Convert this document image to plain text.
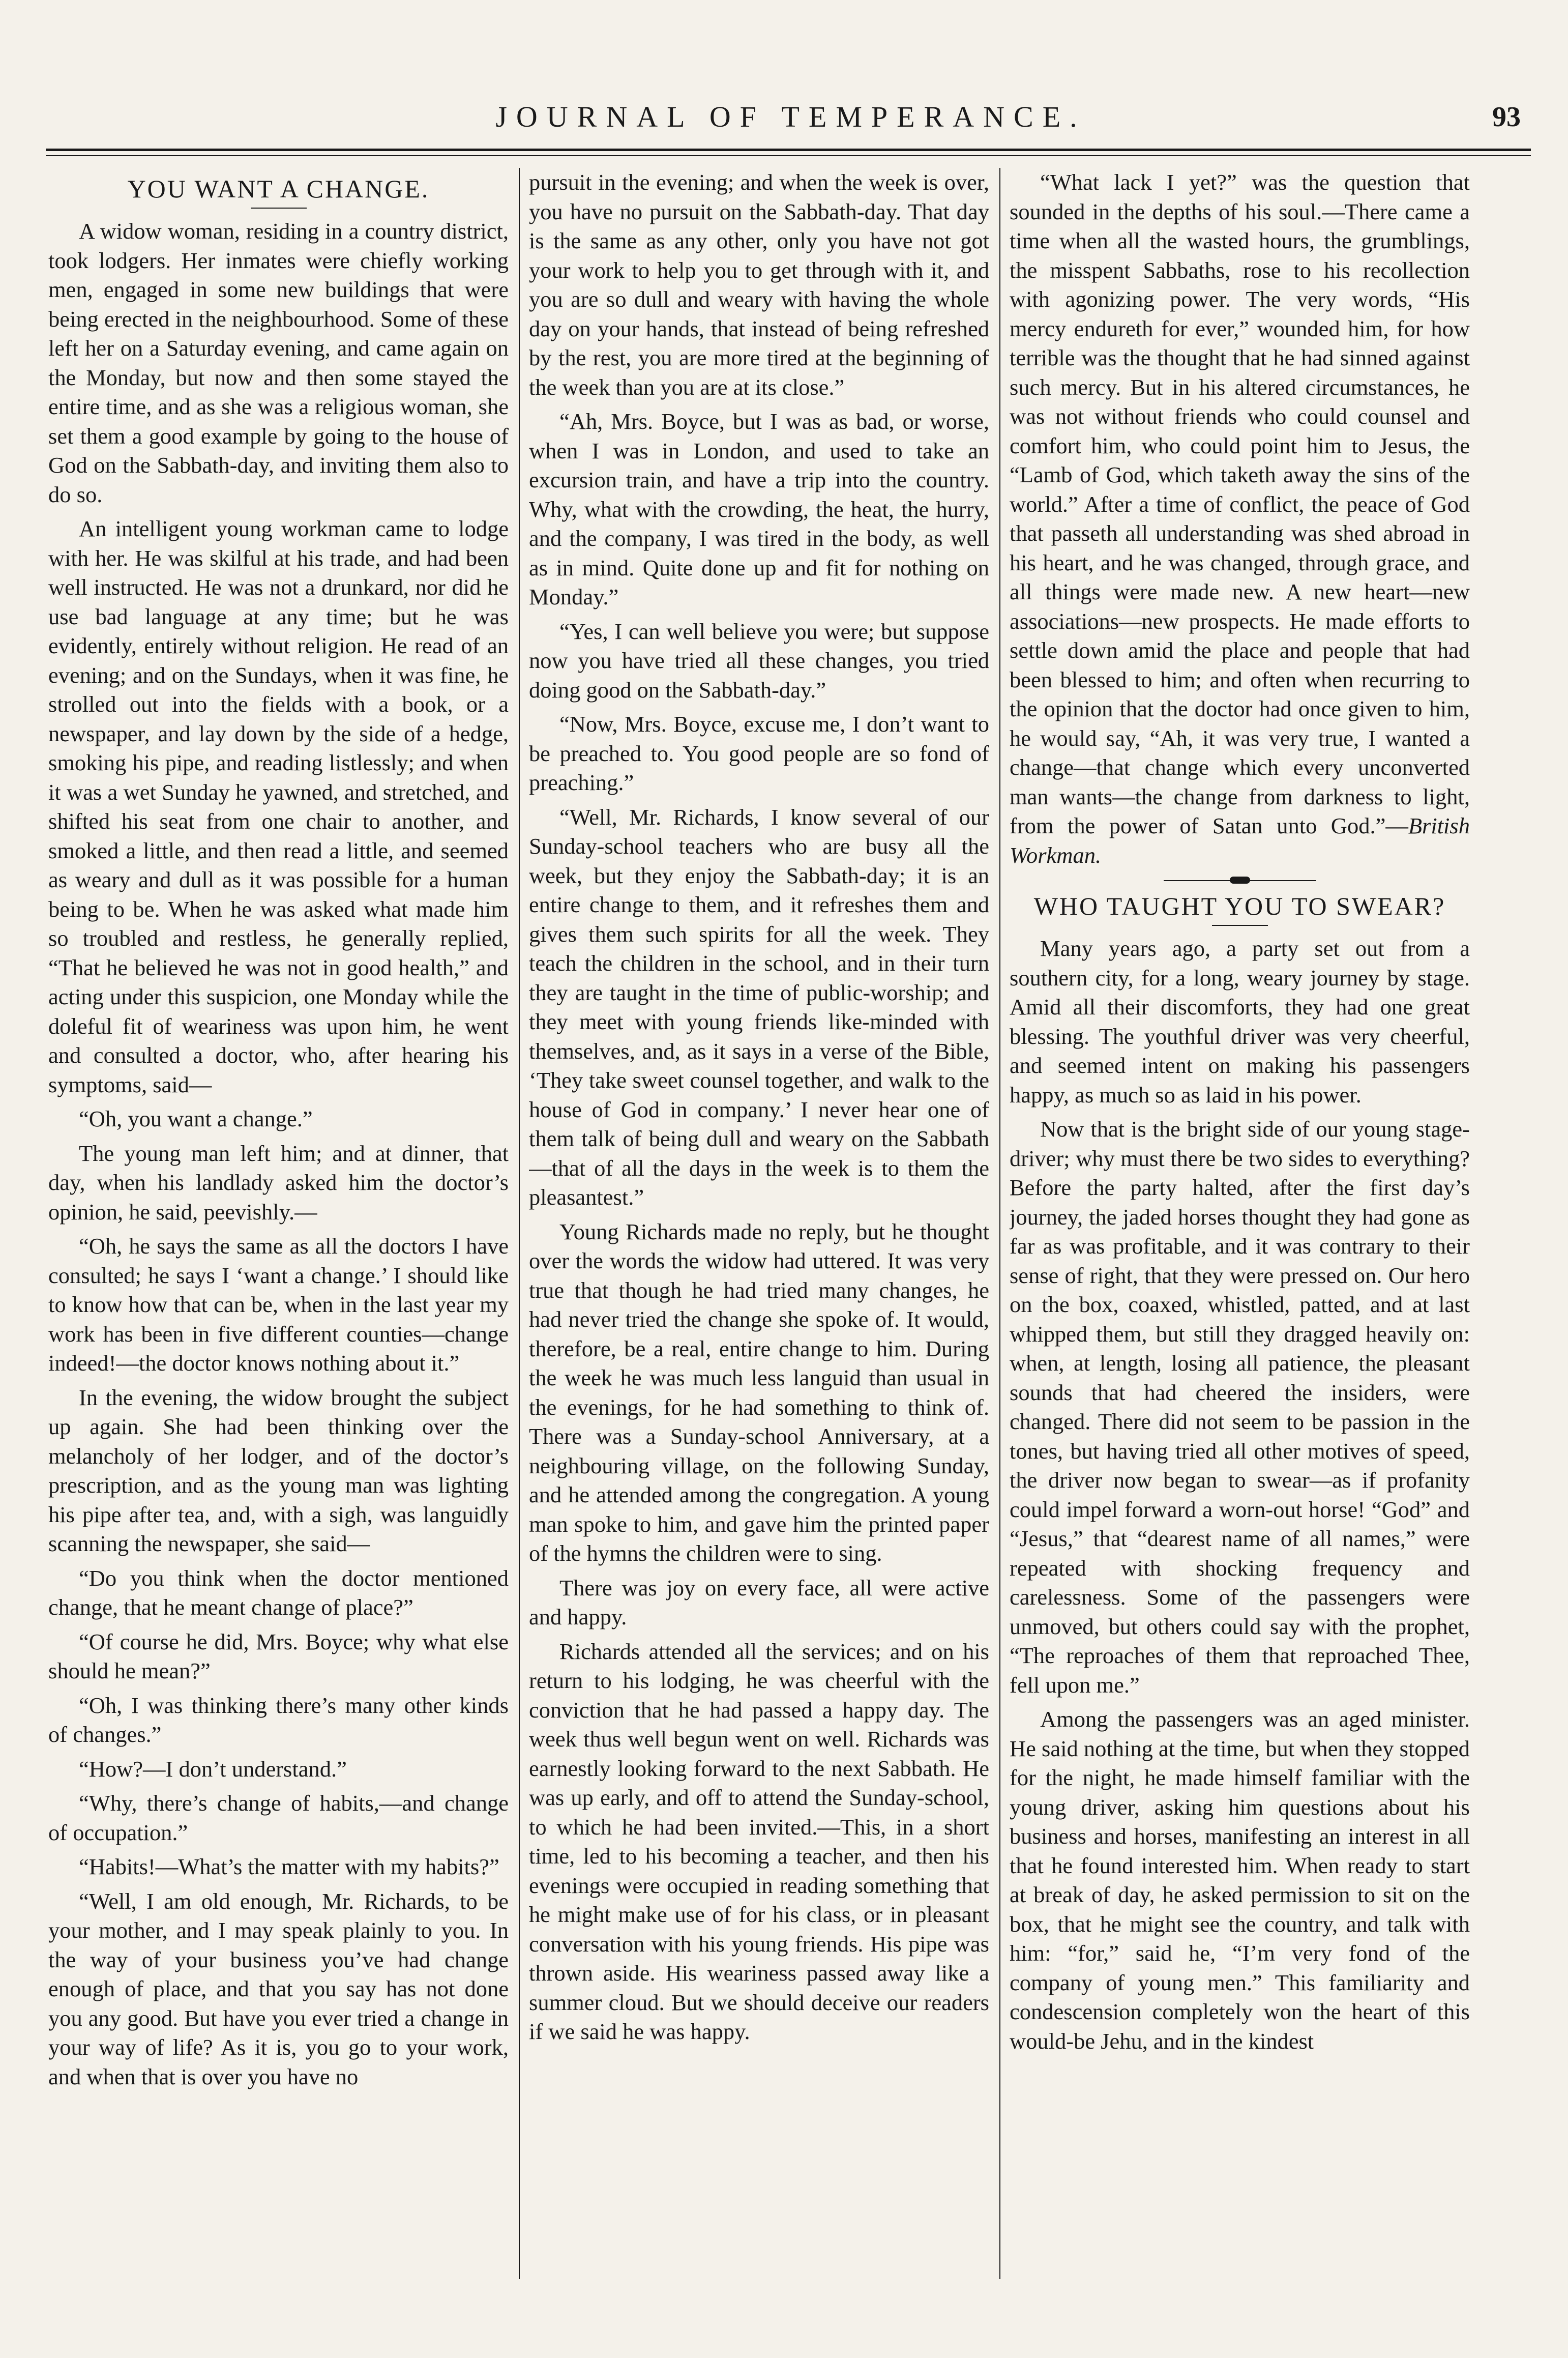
JOURNAL OF TEMPERANCE.	93
YOU WANT A CHANGE.

A widow woman, residing in a country district, took lodgers. Her inmates were chiefly working men, engaged in some new buildings that were being erected in the neighbourhood. Some of these left her on a Saturday evening, and came again on the Monday, but now and then some stayed the entire time, and as she was a religious woman, she set them a good example by going to the house of God on the Sabbath-day, and inviting them also to do so.

An intelligent young workman came to lodge with her. He was skilful at his trade, and had been well instructed. He was not a drunkard, nor did he use bad language at any time; but he was evidently, entirely without religion. He read of an evening; and on the Sundays, when it was fine, he strolled out into the fields with a book, or a newspaper, and lay down by the side of a hedge, smoking his pipe, and reading listlessly; and when it was a wet Sunday he yawned, and stretched, and shifted his seat from one chair to another, and smoked a little, and then read a little, and seemed as weary and dull as it was possible for a human being to be. When he was asked what made him so troubled and restless, he generally replied, “That he believed he was not in good health,” and acting under this suspicion, one Monday while the doleful fit of weariness was upon him, he went and consulted a doctor, who, after hearing his symptoms, said—

“Oh, you want a change.”

The young man left him; and at dinner, that day, when his landlady asked him the doctor’s opinion, he said, peevishly.—

“Oh, he says the same as all the doctors I have consulted; he says I ‘want a change.’ I should like to know how that can be, when in the last year my work has been in five different counties—change indeed!—the doctor knows nothing about it.”

In the evening, the widow brought the subject up again. She had been thinking over the melancholy of her lodger, and of the doctor’s prescription, and as the young man was lighting his pipe after tea, and, with a sigh, was languidly scanning the newspaper, she said—

“Do you think when the doctor mentioned change, that he meant change of place?”

“Of course he did, Mrs. Boyce; why what else should he mean?”

“Oh, I was thinking there’s many other kinds of changes.”

“How?—I don’t understand.”

“Why, there’s change of habits,—and change of occupation.”

“Habits!—What’s the matter with my habits?”

“Well, I am old enough, Mr. Richards, to be your mother, and I may speak plainly to you. In the way of your business you’ve had change enough of place, and that you say has not done you any good. But have you ever tried a change in your way of life? As it is, you go to your work, and when that is over you have no

pursuit in the evening; and when the week is over, you have no pursuit on the Sabbath-day. That day is the same as any other, only you have not got your work to help you to get through with it, and you are so dull and weary with having the whole day on your hands, that instead of being refreshed by the rest, you are more tired at the beginning of the week than you are at its close.”

“Ah, Mrs. Boyce, but I was as bad, or worse, when I was in London, and used to take an excursion train, and have a trip into the country. Why, what with the crowding, the heat, the hurry, and the company, I was tired in the body, as well as in mind. Quite done up and fit for nothing on Monday.”

“Yes, I can well believe you were; but suppose now you have tried all these changes, you tried doing good on the Sabbath-day.”

“Now, Mrs. Boyce, excuse me, I don’t want to be preached to. You good people are so fond of preaching.”

“Well, Mr. Richards, I know several of our Sunday-school teachers who are busy all the week, but they enjoy the Sabbath-day; it is an entire change to them, and it refreshes them and gives them such spirits for all the week. They teach the children in the school, and in their turn they are taught in the time of public-worship; and they meet with young friends like-minded with themselves, and, as it says in a verse of the Bible, ‘They take sweet counsel together, and walk to the house of God in company.’ I never hear one of them talk of being dull and weary on the Sabbath—that of all the days in the week is to them the pleasantest.”

Young Richards made no reply, but he thought over the words the widow had uttered. It was very true that though he had tried many changes, he had never tried the change she spoke of. It would, therefore, be a real, entire change to him. During the week he was much less languid than usual in the evenings, for he had something to think of. There was a Sunday-school Anniversary, at a neighbouring village, on the following Sunday, and he attended among the congregation. A young man spoke to him, and gave him the printed paper of the hymns the children were to sing.

There was joy on every face, all were active and happy.

Richards attended all the services; and on his return to his lodging, he was cheerful with the conviction that he had passed a happy day. The week thus well begun went on well. Richards was earnestly looking forward to the next Sabbath. He was up early, and off to attend the Sunday-school, to which he had been invited.—This, in a short time, led to his becoming a teacher, and then his evenings were occupied in reading something that he might make use of for his class, or in pleasant conversation with his young friends. His pipe was thrown aside. His weariness passed away like a summer cloud. But we should deceive our readers if we said he was happy.

“What lack I yet?” was the question that sounded in the depths of his soul.—There came a time when all the wasted hours, the grumblings, the misspent Sabbaths, rose to his recollection with agonizing power. The very words, “His mercy endureth for ever,” wounded him, for how terrible was the thought that he had sinned against such mercy. But in his altered circumstances, he was not without friends who could counsel and comfort him, who could point him to Jesus, the “Lamb of God, which taketh away the sins of the world.” After a time of conflict, the peace of God that passeth all understanding was shed abroad in his heart, and he was changed, through grace, and all things were made new. A new heart—new associations—new prospects. He made efforts to settle down amid the place and people that had been blessed to him; and often when recurring to the opinion that the doctor had once given to him, he would say, “Ah, it was very true, I wanted a change—that change which every unconverted man wants—the change from darkness to light, from the power of Satan unto God.”—British Workman.

WHO TAUGHT YOU TO SWEAR?

Many years ago, a party set out from a southern city, for a long, weary journey by stage. Amid all their discomforts, they had one great blessing. The youthful driver was very cheerful, and seemed intent on making his passengers happy, as much so as laid in his power.

Now that is the bright side of our young stage-driver; why must there be two sides to everything? Before the party halted, after the first day’s journey, the jaded horses thought they had gone as far as was profitable, and it was contrary to their sense of right, that they were pressed on. Our hero on the box, coaxed, whistled, patted, and at last whipped them, but still they dragged heavily on: when, at length, losing all patience, the pleasant sounds that had cheered the insiders, were changed. There did not seem to be passion in the tones, but having tried all other motives of speed, the driver now began to swear—as if profanity could impel forward a worn-out horse! “God” and “Jesus,” that “dearest name of all names,” were repeated with shocking frequency and carelessness. Some of the passengers were unmoved, but others could say with the prophet, “The reproaches of them that reproached Thee, fell upon me.”

Among the passengers was an aged minister. He said nothing at the time, but when they stopped for the night, he made himself familiar with the young driver, asking him questions about his business and horses, manifesting an interest in all that he found interested him. When ready to start at break of day, he asked permission to sit on the box, that he might see the country, and talk with him: “for,” said he, “I’m very fond of the company of young men.” This familiarity and condescension completely won the heart of this would-be Jehu, and in the kindest
